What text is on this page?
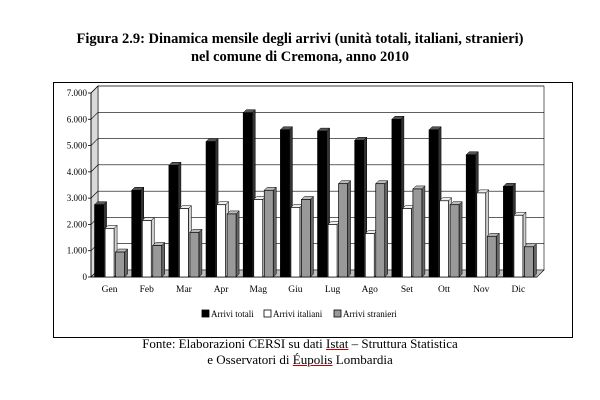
Figura 2.9: Dinamica mensile degli arrivi (unità totali, italiani, stranieri)
nel comune di Cremona, anno 2010
0
1.000
2.000
3.000
4.000
5.000
6.000
7.000
Gen Feb Mar Apr Mag Giu Lug Ago Set	Ott Nov Dic
Arrivi totali Arrivi italiani Arrivi stranieri
Fonte: Elaborazioni CERSI su dati Istat – Struttura Statistica
e Osservatori di Éupolis Lombardia
